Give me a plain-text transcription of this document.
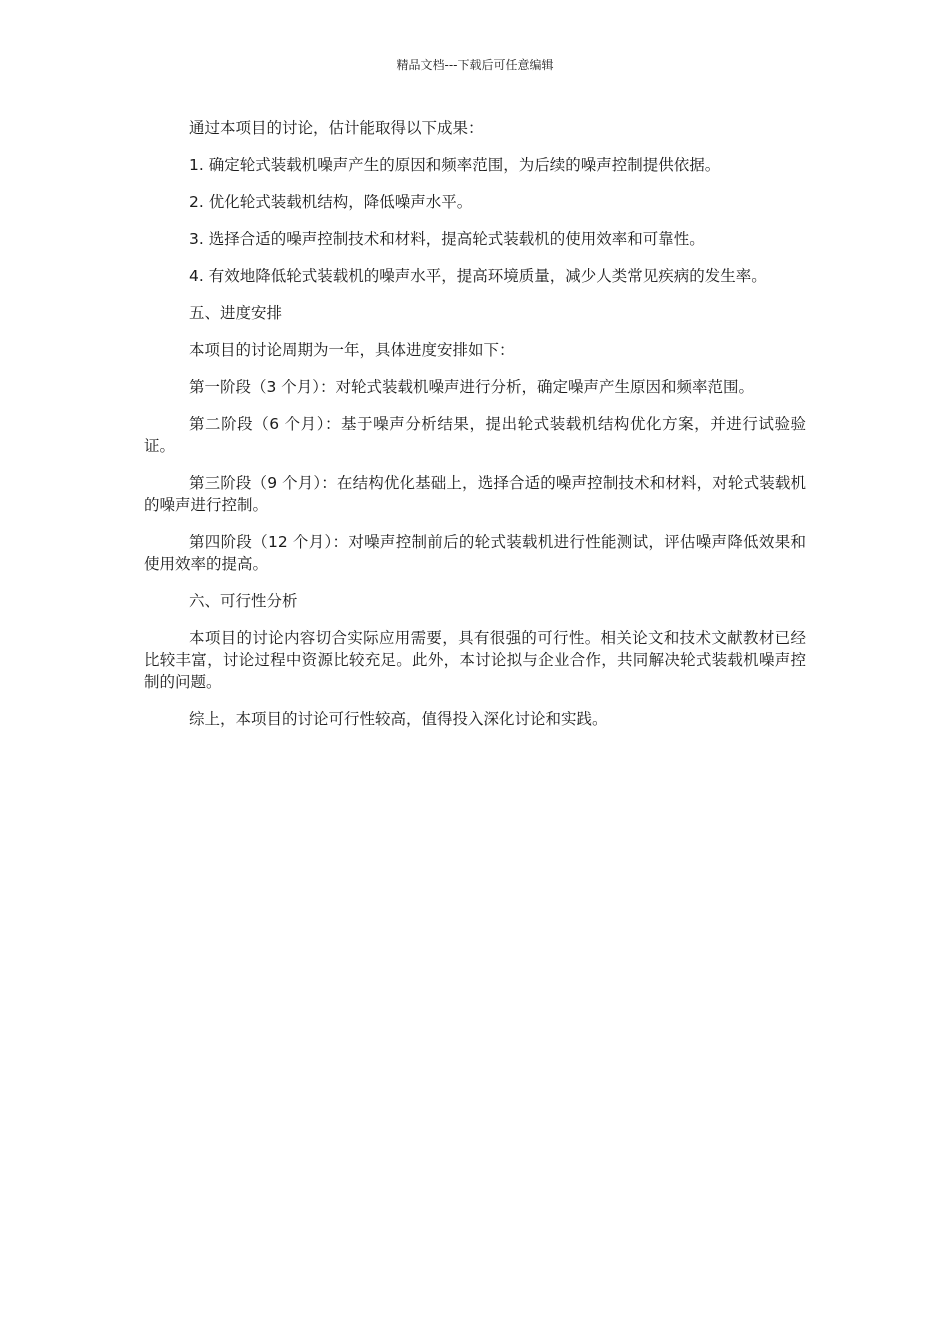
精品文档---下载后可任意编辑

通过本项目的讨论，估计能取得以下成果：

1. 确定轮式装载机噪声产生的原因和频率范围，为后续的噪声控制提供依据。

2. 优化轮式装载机结构，降低噪声水平。

3. 选择合适的噪声控制技术和材料，提高轮式装载机的使用效率和可靠性。

4. 有效地降低轮式装载机的噪声水平，提高环境质量，减少人类常见疾病的发生率。

五、进度安排

本项目的讨论周期为一年，具体进度安排如下：

第一阶段（3 个月）：对轮式装载机噪声进行分析，确定噪声产生原因和频率范围。

第二阶段（6 个月）：基于噪声分析结果，提出轮式装载机结构优化方案，并进行试验验证。

第三阶段（9 个月）：在结构优化基础上，选择合适的噪声控制技术和材料，对轮式装载机的噪声进行控制。

第四阶段（12 个月）：对噪声控制前后的轮式装载机进行性能测试，评估噪声降低效果和使用效率的提高。

六、可行性分析

本项目的讨论内容切合实际应用需要，具有很强的可行性。相关论文和技术文献教材已经比较丰富，讨论过程中资源比较充足。此外，本讨论拟与企业合作，共同解决轮式装载机噪声控制的问题。

综上，本项目的讨论可行性较高，值得投入深化讨论和实践。
